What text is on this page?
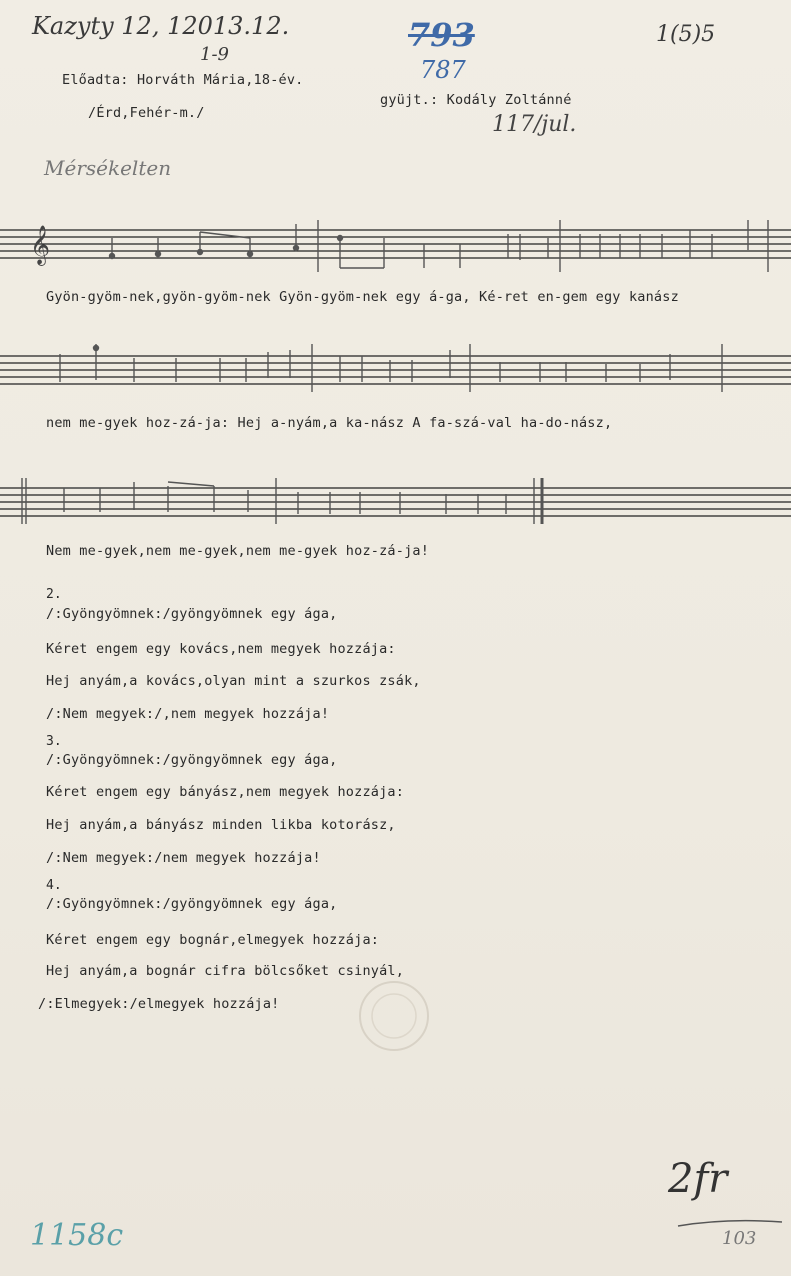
Kazyty 12, 12013.12.
1-9
793
787
1(5)5
Előadta: Horváth Mária,18-év.
/Érd,Fehér-m./
gyüjt.: Kodály Zoltánné
117/jul.
Mérsékelten
𝄞
Gyön-gyöm-nek,gyön-gyöm-nek Gyön-gyöm-nek egy á-ga, Ké-ret en-gem egy kanász
nem me-gyek hoz-zá-ja: Hej a-nyám,a ka-nász A fa-szá-val ha-do-nász,
Nem me-gyek,nem me-gyek,nem me-gyek hoz-zá-ja!
2.
/:Gyöngyömnek:/gyöngyömnek egy ága,
Kéret engem egy kovács,nem megyek hozzája:
Hej anyám,a kovács,olyan mint a szurkos zsák,
/:Nem megyek:/,nem megyek hozzája!
3.
/:Gyöngyömnek:/gyöngyömnek egy ága,
Kéret engem egy bányász,nem megyek hozzája:
Hej anyám,a bányász minden likba kotorász,
/:Nem megyek:/nem megyek hozzája!
4.
/:Gyöngyömnek:/gyöngyömnek egy ága,
Kéret engem egy bognár,elmegyek hozzája:
Hej anyám,a bognár cifra bölcsőket csinyál,
/:Elmegyek:/elmegyek hozzája!
2fr
103
1158c
